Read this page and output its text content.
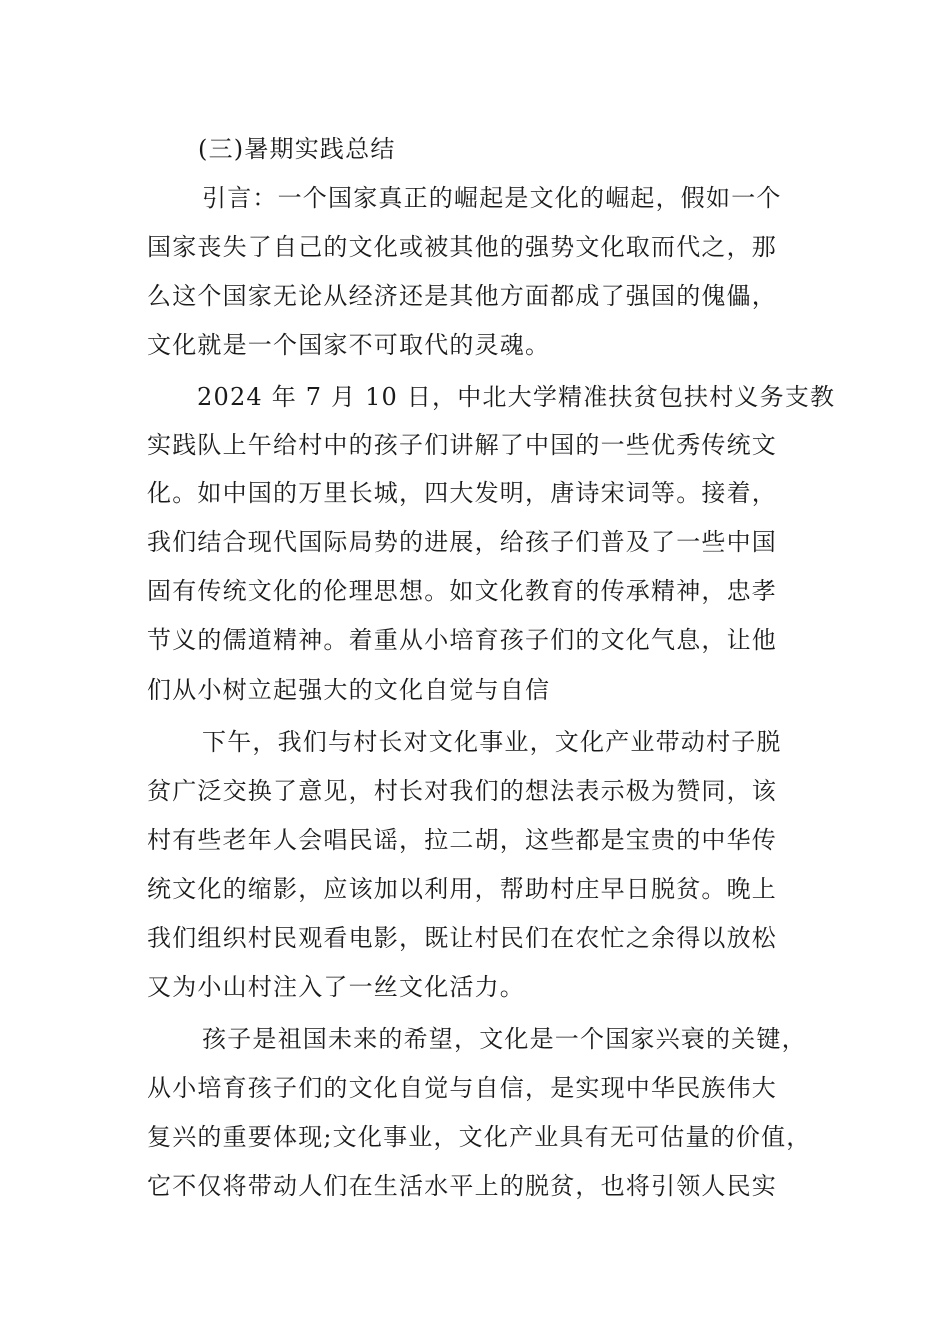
(三)暑期实践总结
引言：一个国家真正的崛起是文化的崛起，假如一个
国家丧失了自己的文化或被其他的强势文化取而代之，那
么这个国家无论从经济还是其他方面都成了强国的傀儡，
文化就是一个国家不可取代的灵魂。
2024 年 7 月 10 日，中北大学精准扶贫包扶村义务支教
实践队上午给村中的孩子们讲解了中国的一些优秀传统文
化。如中国的万里长城，四大发明，唐诗宋词等。接着，
我们结合现代国际局势的进展，给孩子们普及了一些中国
固有传统文化的伦理思想。如文化教育的传承精神，忠孝
节义的儒道精神。着重从小培育孩子们的文化气息，让他
们从小树立起强大的文化自觉与自信
下午，我们与村长对文化事业，文化产业带动村子脱
贫广泛交换了意见，村长对我们的想法表示极为赞同，该
村有些老年人会唱民谣，拉二胡，这些都是宝贵的中华传
统文化的缩影，应该加以利用，帮助村庄早日脱贫。晚上
我们组织村民观看电影，既让村民们在农忙之余得以放松
又为小山村注入了一丝文化活力。
孩子是祖国未来的希望，文化是一个国家兴衰的关键，
从小培育孩子们的文化自觉与自信，是实现中华民族伟大
复兴的重要体现;文化事业，文化产业具有无可估量的价值，
它不仅将带动人们在生活水平上的脱贫，也将引领人民实
